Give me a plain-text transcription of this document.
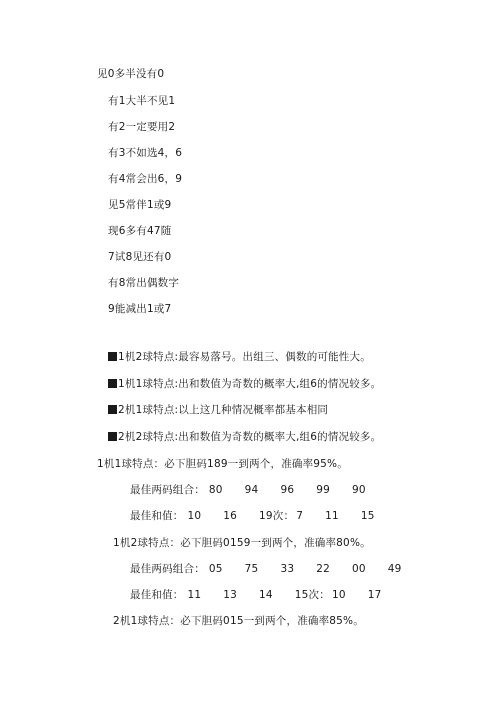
见0多半没有0
有1大半不见1
有2一定要用2
有3不如选4，6
有4常会出6，9
见5常伴1或9
现6多有47随
7试8见还有0
有8常出偶数字
9能减出1或7
1机2球特点:最容易落号。出组三、偶数的可能性大。
1机1球特点:出和数值为奇数的概率大,组6的情况较多。
2机1球特点:以上这几种情况概率都基本相同
2机2球特点:出和数值为奇数的概率大,组6的情况较多。
1机1球特点：必下胆码189一到两个，准确率95%。
最佳两码组合： 80 94 96 99 90
最佳和值： 10 16 19次： 7 11 15
1机2球特点：必下胆码0159一到两个，准确率80%。
最佳两码组合： 05 75 33 22 00 49
最佳和值： 11 13 14 15次： 10 17
2机1球特点：必下胆码015一到两个，准确率85%。
